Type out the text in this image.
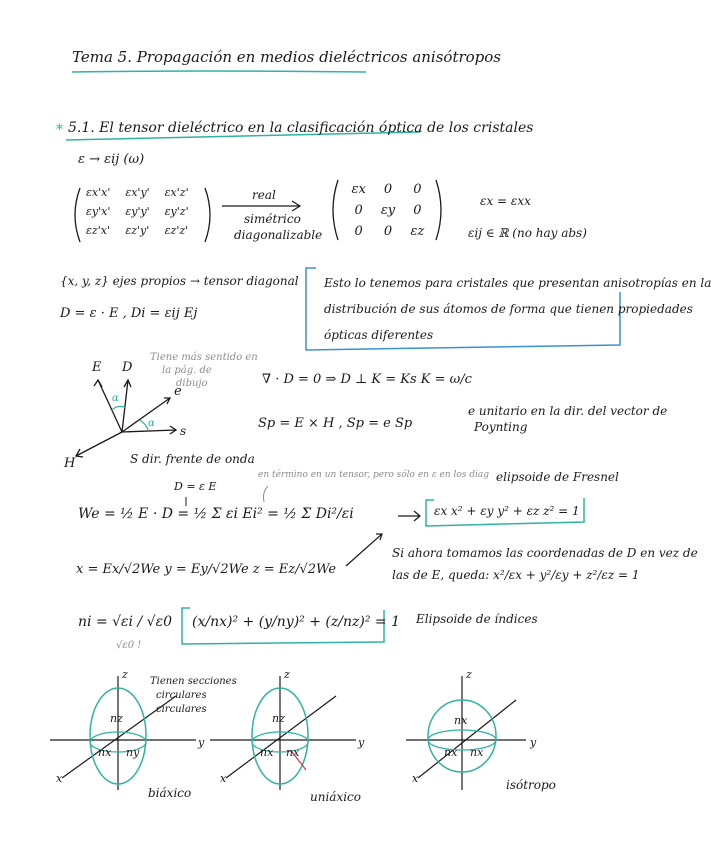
*
Tema 5. Propagación en medios dieléctricos anisótropos
5.1. El tensor dieléctrico en la clasificación óptica de los cristales
ε → εij (ω)
εx'x'	εx'y'	εx'z'
εy'x'	εy'y'	εy'z'
εz'x'	εz'y'	εz'z'
real
simétrico
diagonalizable
εx	0	0
0	εy	0
0	0	εz
εx = εxx
εij ∈ ℝ (no hay abs)
{x, y, z} ejes propios → tensor diagonal
D = ε · E , Di = εij Ej
Esto lo tenemos para cristales que presentan anisotropías en la
distribución de sus átomos de forma que tienen propiedades
ópticas diferentes
E D
e
s
H
α
α
Tiene más sentido en
la pág. de
dibujo
S dir. frente de onda
∇ · D = 0 ⇒ D ⊥ K = Ks K = ω/c
Sp = E × H , Sp = e Sp
e unitario en la dir. del vector de
Poynting
en término en un tensor, pero sólo en ε en los diag
D = ε E
We = ½ E · D = ½ Σ εi Ei² = ½ Σ Di²/εi
elipsoide de Fresnel
εx x² + εy y² + εz z² = 1
x = Ex/√2We y = Ey/√2We z = Ez/√2We
Si ahora tomamos las coordenadas de D en vez de
las de E, queda: x²/εx + y²/εy + z²/εz = 1
ni = √εi / √ε0
√ε0 !
(x/nx)² + (y/ny)² + (z/nz)² = 1 Elipsoide de índices
Tienen secciones
circulares
circulares
z
nz
nx ny
y
x
biáxico
z
nz
nx nx
y
x
uniáxico
z
nx
nx nx
y
x	isótropo
